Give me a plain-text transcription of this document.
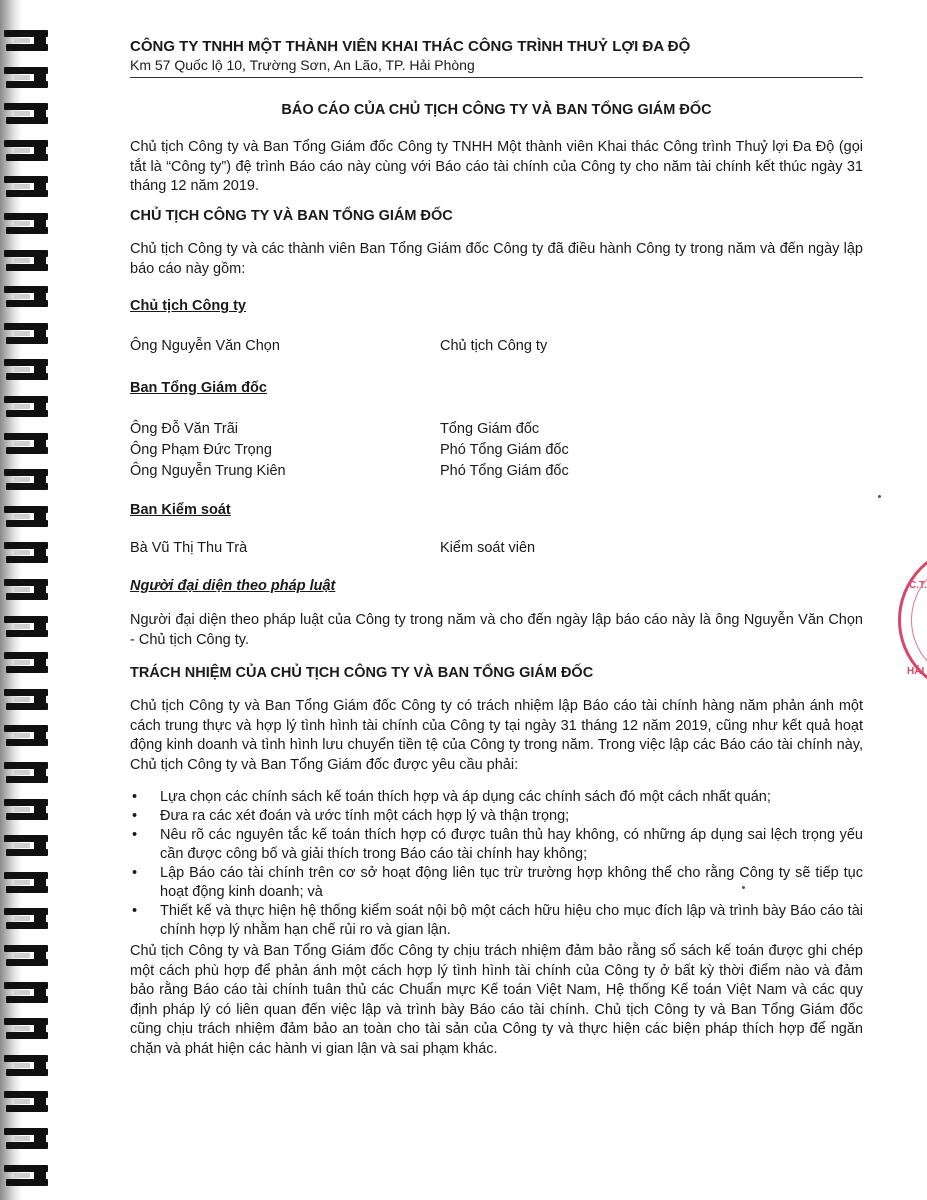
C.T.
HẢI
CÔNG TY TNHH MỘT THÀNH VIÊN KHAI THÁC CÔNG TRÌNH THUỶ LỢI ĐA ĐỘ
Km 57 Quốc lộ 10, Trường Sơn, An Lão, TP. Hải Phòng
BÁO CÁO CỦA CHỦ TỊCH CÔNG TY VÀ BAN TỔNG GIÁM ĐỐC
Chủ tịch Công ty và Ban Tổng Giám đốc Công ty TNHH Một thành viên Khai thác Công trình Thuỷ lợi Đa Độ (gọi tắt là “Công ty”) đệ trình Báo cáo này cùng với Báo cáo tài chính của Công ty cho năm tài chính kết thúc ngày 31 tháng 12 năm 2019.
CHỦ TỊCH CÔNG TY VÀ BAN TỔNG GIÁM ĐỐC
Chủ tịch Công ty và các thành viên Ban Tổng Giám đốc Công ty đã điều hành Công ty trong năm và đến ngày lập báo cáo này gồm:
Chủ tịch Công ty
Ông Nguyễn Văn Chọn	Chủ tịch Công ty
Ban Tổng Giám đốc
Ông Đỗ Văn Trãi	Tổng Giám đốc
Ông Phạm Đức Trọng	Phó Tổng Giám đốc
Ông Nguyễn Trung Kiên	Phó Tổng Giám đốc
Ban Kiểm soát
Bà Vũ Thị Thu Trà	Kiểm soát viên
Người đại diện theo pháp luật
Người đại diện theo pháp luật của Công ty trong năm và cho đến ngày lập báo cáo này là ông Nguyễn Văn Chọn - Chủ tịch Công ty.
TRÁCH NHIỆM CỦA CHỦ TỊCH CÔNG TY VÀ BAN TỔNG GIÁM ĐỐC
Chủ tịch Công ty và Ban Tổng Giám đốc Công ty có trách nhiệm lập Báo cáo tài chính hàng năm phản ánh một cách trung thực và hợp lý tình hình tài chính của Công ty tại ngày 31 tháng 12 năm 2019, cũng như kết quả hoạt động kinh doanh và tình hình lưu chuyển tiền tệ của Công ty trong năm. Trong việc lập các Báo cáo tài chính này, Chủ tịch Công ty và Ban Tổng Giám đốc được yêu cầu phải:
• Lựa chọn các chính sách kế toán thích hợp và áp dụng các chính sách đó một cách nhất quán;
• Đưa ra các xét đoán và ước tính một cách hợp lý và thận trọng;
• Nêu rõ các nguyên tắc kế toán thích hợp có được tuân thủ hay không, có những áp dụng sai lệch trọng yếu cần được công bố và giải thích trong Báo cáo tài chính hay không;
• Lập Báo cáo tài chính trên cơ sở hoạt động liên tục trừ trường hợp không thể cho rằng Công ty sẽ tiếp tục hoạt động kinh doanh; và
• Thiết kế và thực hiện hệ thống kiểm soát nội bộ một cách hữu hiệu cho mục đích lập và trình bày Báo cáo tài chính hợp lý nhằm hạn chế rủi ro và gian lận.
Chủ tịch Công ty và Ban Tổng Giám đốc Công ty chịu trách nhiệm đảm bảo rằng sổ sách kế toán được ghi chép một cách phù hợp để phản ánh một cách hợp lý tình hình tài chính của Công ty ở bất kỳ thời điểm nào và đảm bảo rằng Báo cáo tài chính tuân thủ các Chuẩn mực Kế toán Việt Nam, Hệ thống Kế toán Việt Nam và các quy định pháp lý có liên quan đến việc lập và trình bày Báo cáo tài chính. Chủ tịch Công ty và Ban Tổng Giám đốc cũng chịu trách nhiệm đảm bảo an toàn cho tài sản của Công ty và thực hiện các biện pháp thích hợp để ngăn chặn và phát hiện các hành vi gian lận và sai phạm khác.
